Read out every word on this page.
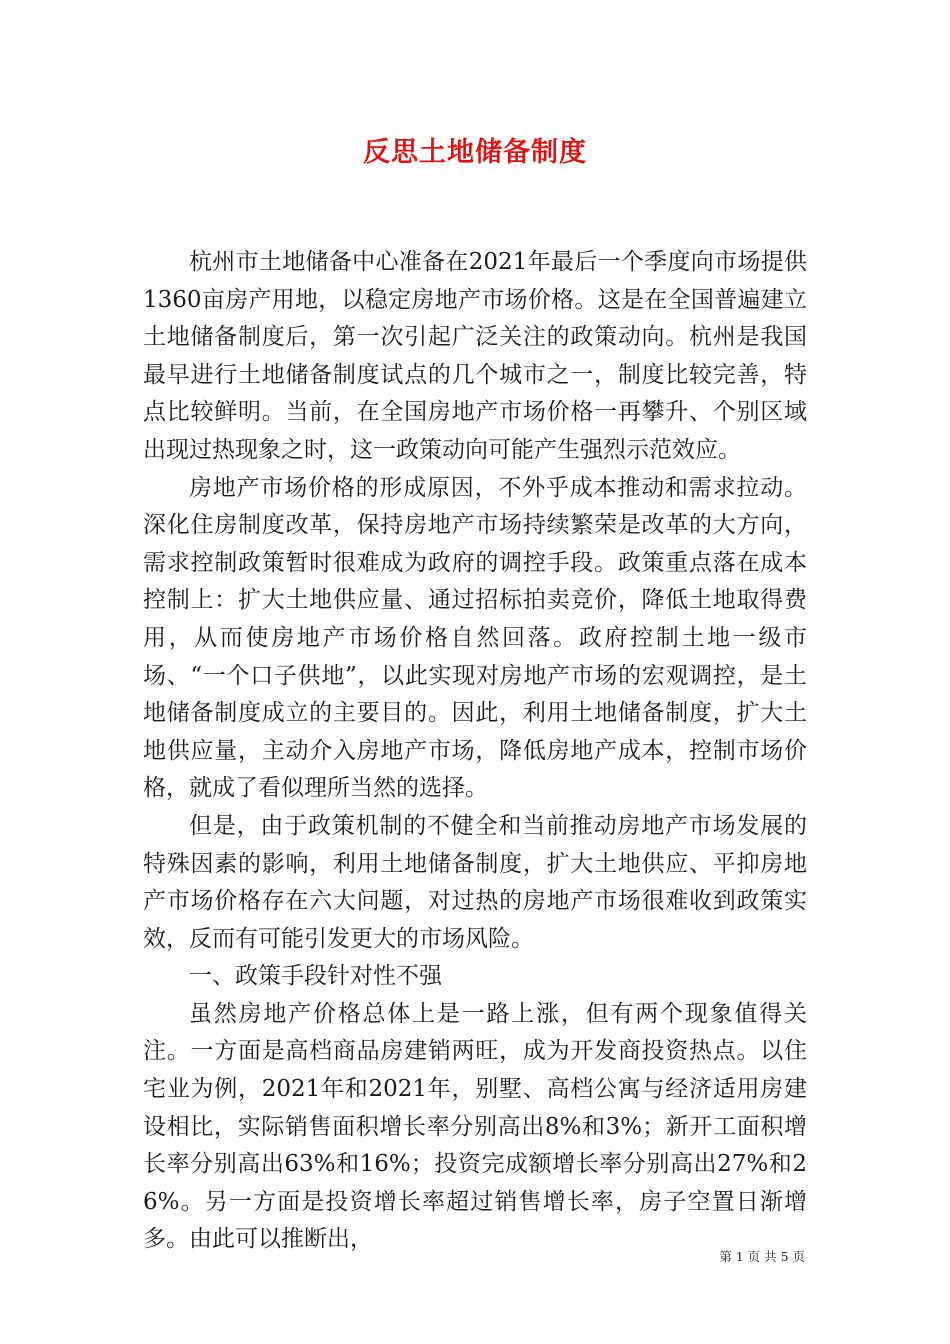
反思土地储备制度

杭州市土地储备中心准备在2021年最后一个季度向市场提供1360亩房产用地，以稳定房地产市场价格。这是在全国普遍建立土地储备制度后，第一次引起广泛关注的政策动向。杭州是我国最早进行土地储备制度试点的几个城市之一，制度比较完善，特点比较鲜明。当前，在全国房地产市场价格一再攀升、个别区域出现过热现象之时，这一政策动向可能产生强烈示范效应。

房地产市场价格的形成原因，不外乎成本推动和需求拉动。深化住房制度改革，保持房地产市场持续繁荣是改革的大方向，需求控制政策暂时很难成为政府的调控手段。政策重点落在成本控制上：扩大土地供应量、通过招标拍卖竞价，降低土地取得费用，从而使房地产市场价格自然回落。政府控制土地一级市场、“一个口子供地”，以此实现对房地产市场的宏观调控，是土地储备制度成立的主要目的。因此，利用土地储备制度，扩大土地供应量，主动介入房地产市场，降低房地产成本，控制市场价格，就成了看似理所当然的选择。

但是，由于政策机制的不健全和当前推动房地产市场发展的特殊因素的影响，利用土地储备制度，扩大土地供应、平抑房地产市场价格存在六大问题，对过热的房地产市场很难收到政策实效，反而有可能引发更大的市场风险。

一、政策手段针对性不强

虽然房地产价格总体上是一路上涨，但有两个现象值得关注。一方面是高档商品房建销两旺，成为开发商投资热点。以住宅业为例，2021年和2021年，别墅、高档公寓与经济适用房建设相比，实际销售面积增长率分别高出8%和3%；新开工面积增长率分别高出63%和16%；投资完成额增长率分别高出27%和26%。另一方面是投资增长率超过销售增长率，房子空置日渐增多。由此可以推断出，

第 1 页 共 5 页
